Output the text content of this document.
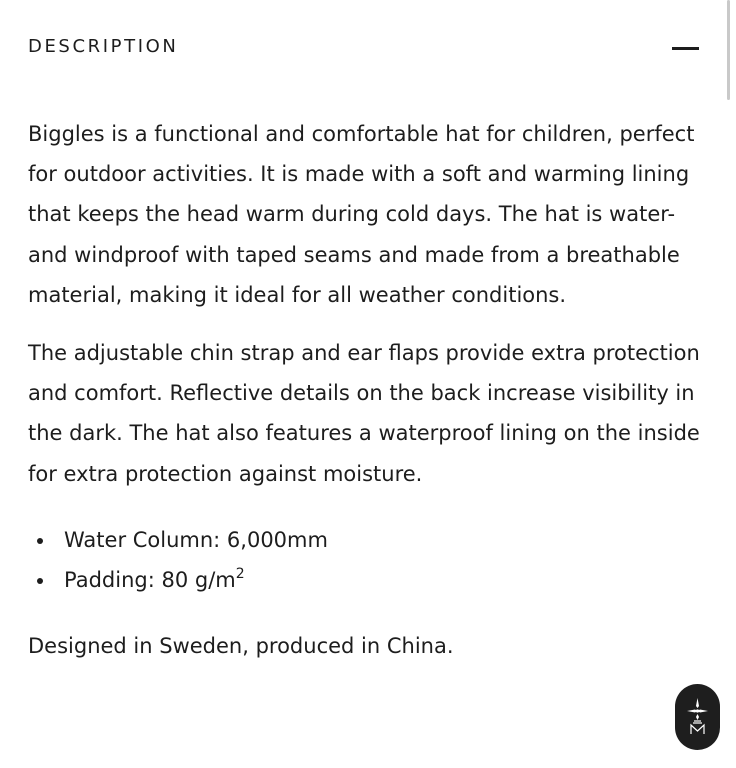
DESCRIPTION

Biggles is a functional and comfortable hat for children, perfect for outdoor activities. It is made with a soft and warming lining that keeps the head warm during cold days. The hat is water- and windproof with taped seams and made from a breathable material, making it ideal for all weather conditions.

The adjustable chin strap and ear flaps provide extra protection and comfort. Reflective details on the back increase visibility in the dark. The hat also features a waterproof lining on the inside for extra protection against moisture.

Water Column: 6,000mm
Padding: 80 $g/m^2$

Designed in Sweden, produced in China.
